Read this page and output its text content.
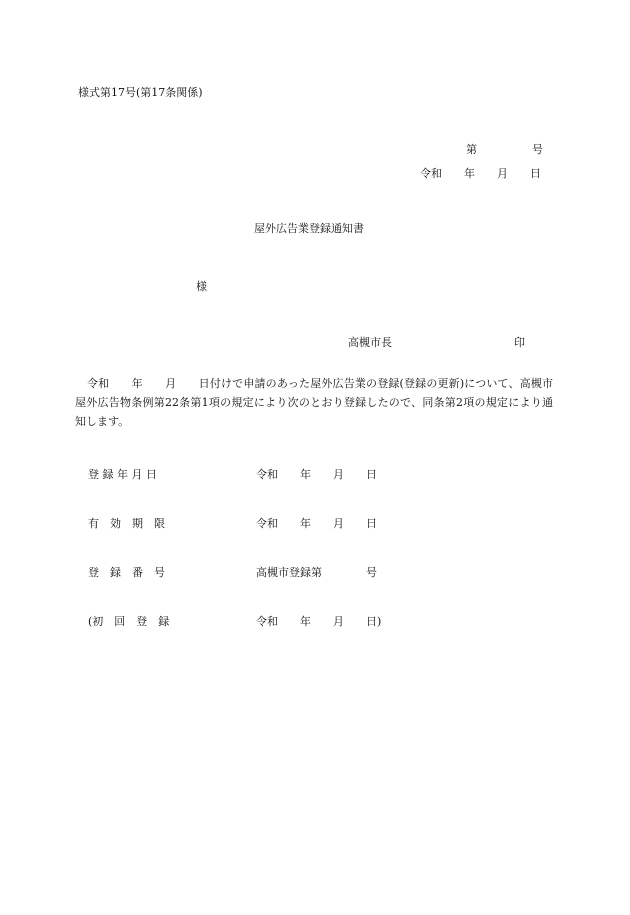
様式第17号(第17条関係)
第　　　　　号
令和　　年　　月　　日
屋外広告業登録通知書
様
高槻市長	印

令和　　年　　月　　日付けで申請のあった屋外広告業の登録(登録の更新)について、高槻市屋外広告物条例第22条第1項の規定により次のとおり登録したので、同条第2項の規定により通知します。

登 録 年 月 日	令和　　年　　月　　日
有　効　期　限	令和　　年　　月　　日
登　録　番　号	高槻市登録第　　　　号
(初　回　登　録	令和　　年　　月　　日)
